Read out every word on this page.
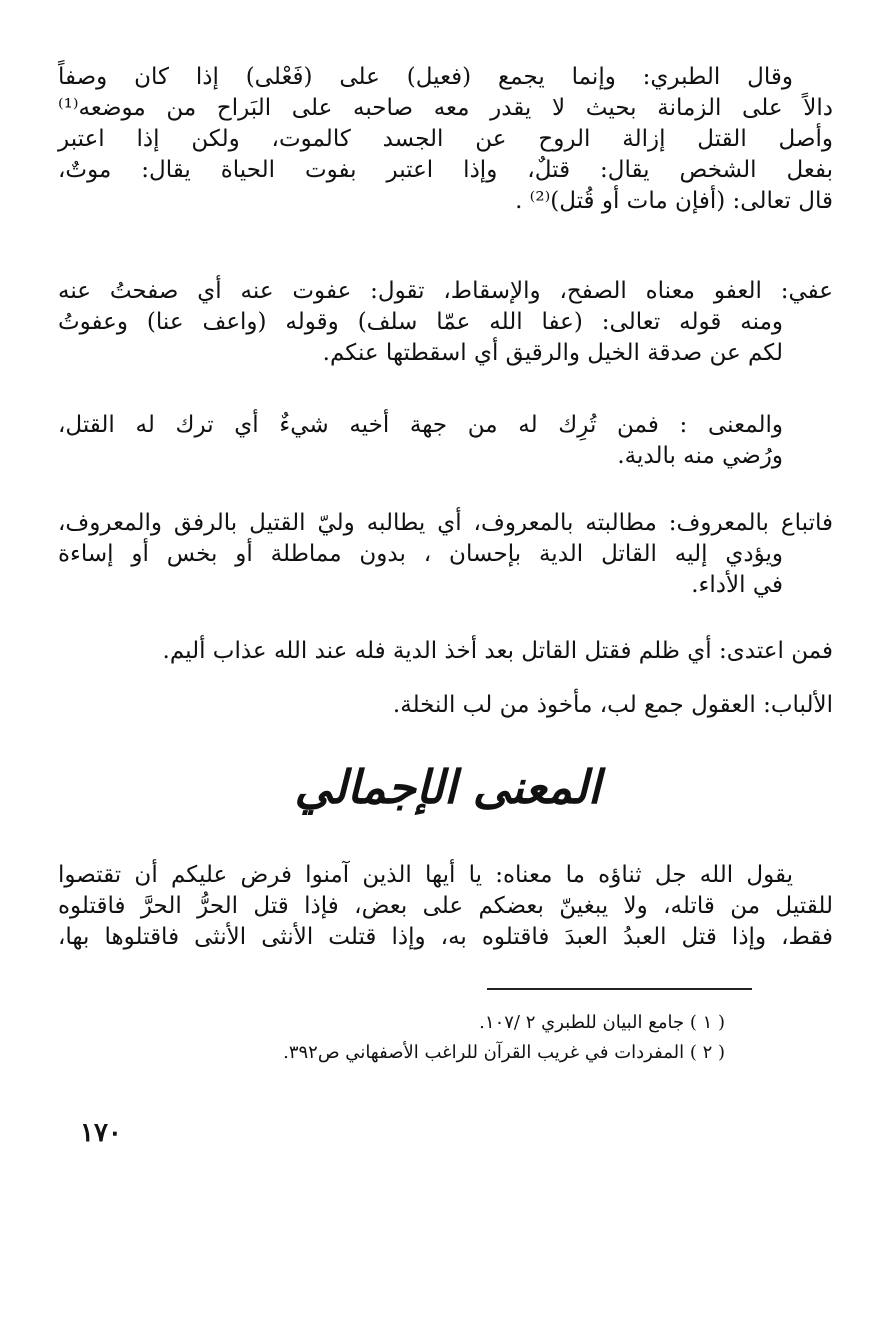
وقال الطبري: وإنما يجمع (فعيل) على (فَعْلى) إذا كان وصفاً
دالاً على الزمانة بحيث لا يقدر معه صاحبه على البَراح من موضعه⁽¹⁾
وأصل القتل إزالة الروح عن الجسد كالموت، ولكن إذا اعتبر
بفعل الشخص يقال: قتلٌ، وإذا اعتبر بفوت الحياة يقال: موتٌ،
قال تعالى: (أفإن مات أو قُتل)⁽²⁾ .
عفي: العفو معناه الصفح، والإسقاط، تقول: عفوت عنه أي صفحتُ عنه
ومنه قوله تعالى: (عفا الله عمّا سلف) وقوله (واعف عنا) وعفوتُ
لكم عن صدقة الخيل والرقيق أي اسقطتها عنكم.
والمعنى : فمن تُرِك له من جهة أخيه شيءٌ أي ترك له القتل،
ورُضي منه بالدية.
فاتباع بالمعروف: مطالبته بالمعروف، أي يطالبه وليّ القتيل بالرفق والمعروف،
ويؤدي إليه القاتل الدية بإحسان ، بدون مماطلة أو بخس أو إساءة
في الأداء.
فمن اعتدى: أي ظلم فقتل القاتل بعد أخذ الدية فله عند الله عذاب أليم.
الألباب: العقول جمع لب، مأخوذ من لب النخلة.
المعنى الإجمالي
يقول الله جل ثناؤه ما معناه: يا أيها الذين آمنوا فرض عليكم أن تقتصوا
للقتيل من قاتله، ولا يبغينّ بعضكم على بعض، فإذا قتل الحرُّ الحرَّ فاقتلوه
فقط، وإذا قتل العبدُ العبدَ فاقتلوه به، وإذا قتلت الأنثى الأنثى فاقتلوها بها،
( ١ ) جامع البيان للطبري ٢ /١٠٧.
( ٢ ) المفردات في غريب القرآن للراغب الأصفهاني ص٣٩٢.
١٧٠
